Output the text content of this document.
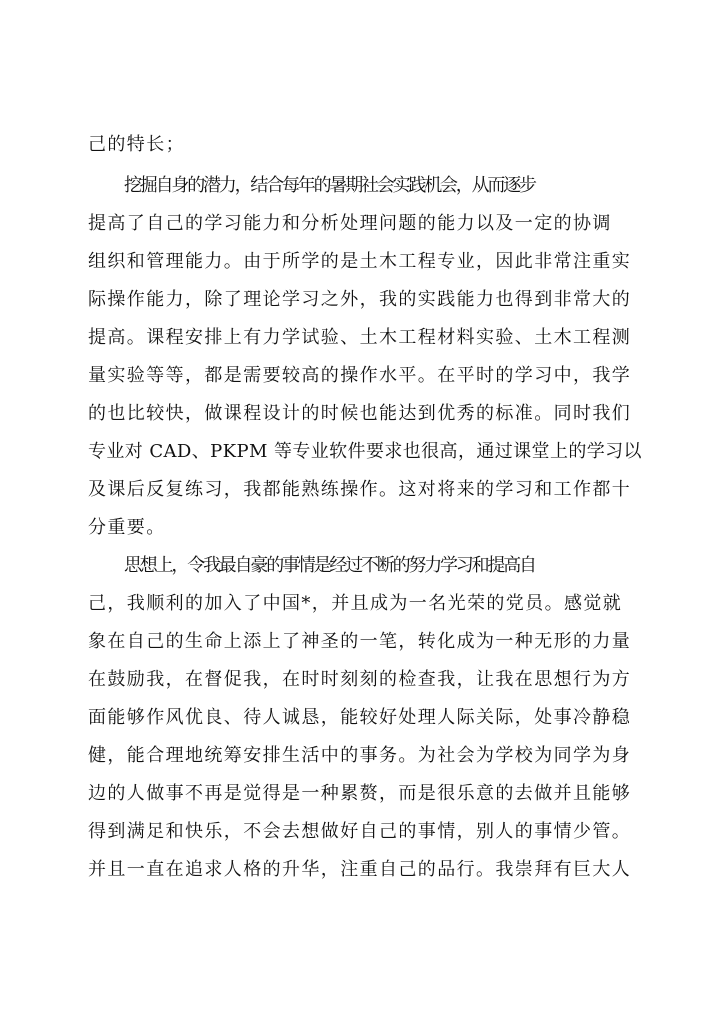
己的特长；
挖掘自身的潜力，结合每年的暑期社会实践机会，从而逐步
提高了自己的学习能力和分析处理问题的能力以及一定的协调
组织和管理能力。由于所学的是土木工程专业，因此非常注重实
际操作能力，除了理论学习之外，我的实践能力也得到非常大的
提高。课程安排上有力学试验、土木工程材料实验、土木工程测
量实验等等，都是需要较高的操作水平。在平时的学习中，我学
的也比较快，做课程设计的时候也能达到优秀的标准。同时我们
专业对 CAD、PKPM 等专业软件要求也很高，通过课堂上的学习以
及课后反复练习，我都能熟练操作。这对将来的学习和工作都十
分重要。
思想上，令我最自豪的事情是经过不断的努力学习和提高自
己，我顺利的加入了中国*，并且成为一名光荣的党员。感觉就
象在自己的生命上添上了神圣的一笔，转化成为一种无形的力量
在鼓励我，在督促我，在时时刻刻的检查我，让我在思想行为方
面能够作风优良、待人诚恳，能较好处理人际关际，处事冷静稳
健，能合理地统筹安排生活中的事务。为社会为学校为同学为身
边的人做事不再是觉得是一种累赘，而是很乐意的去做并且能够
得到满足和快乐，不会去想做好自己的事情，别人的事情少管。
并且一直在追求人格的升华，注重自己的品行。我崇拜有巨大人
